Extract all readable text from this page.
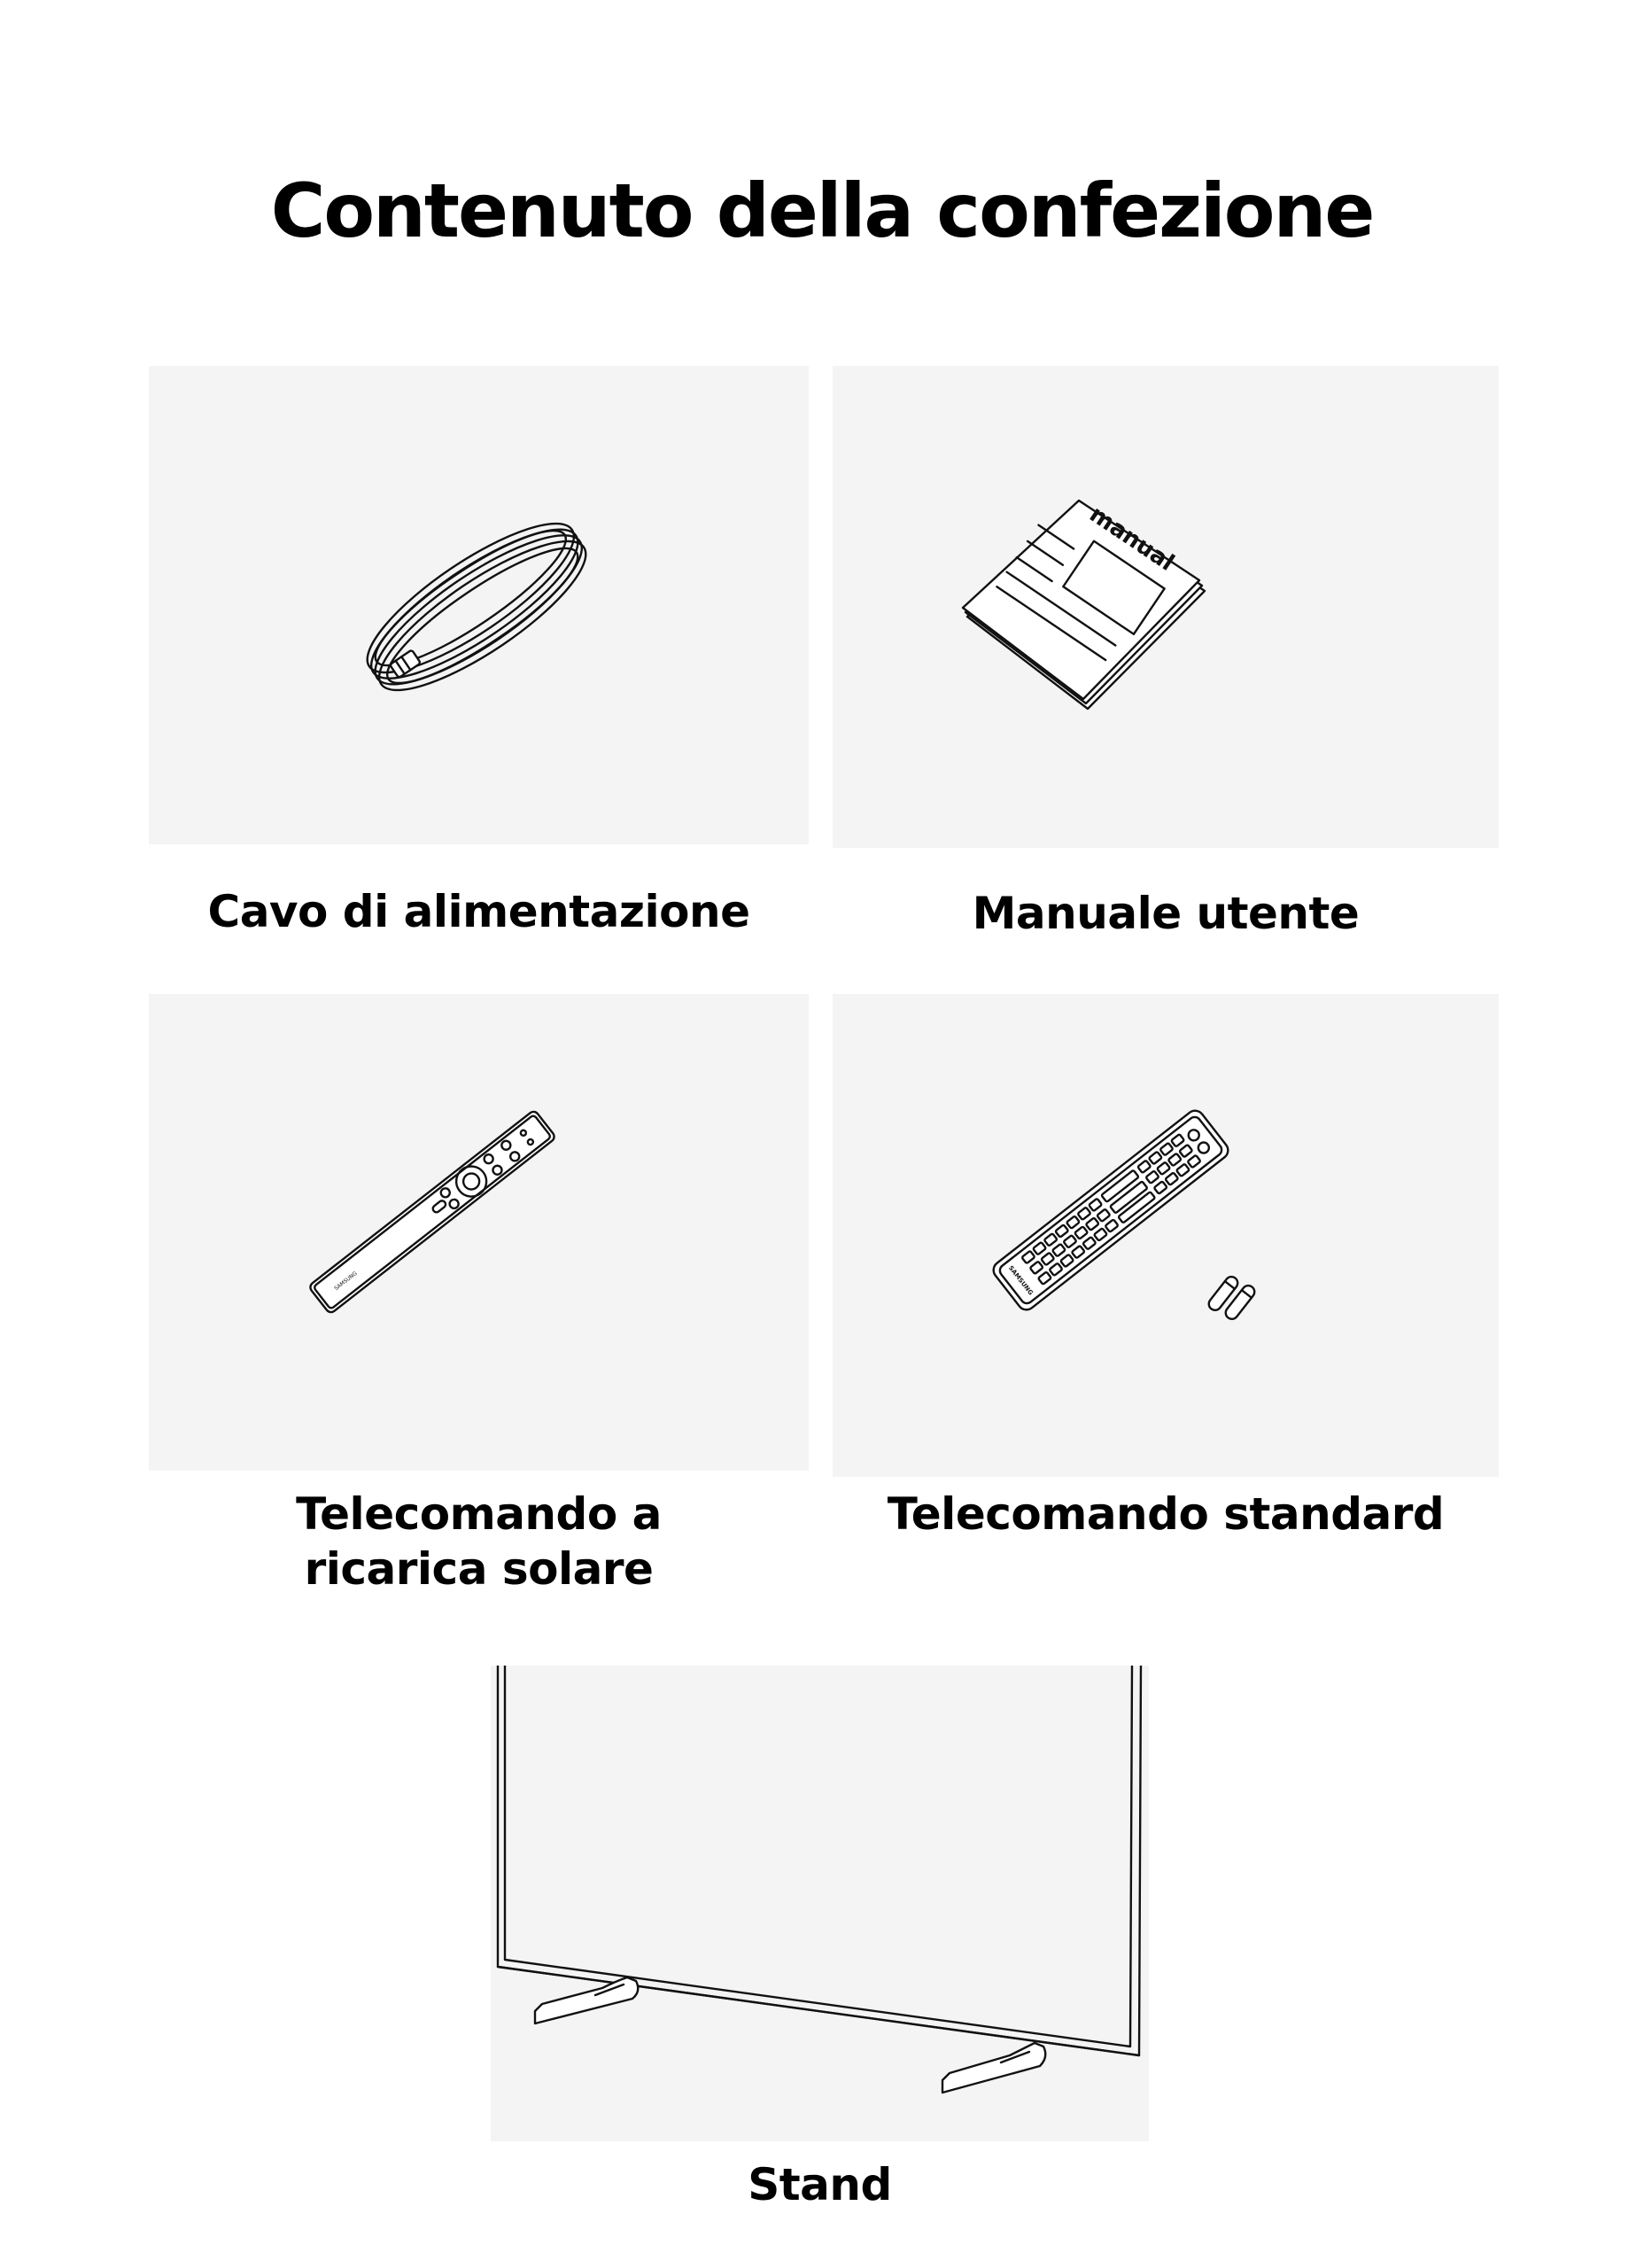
Contenuto della confezione

Cavo di alimentazione

manual

Manuale utente

SAMSUNG

Telecomando a
ricarica solare

SAMSUNG

Telecomando standard

Stand
